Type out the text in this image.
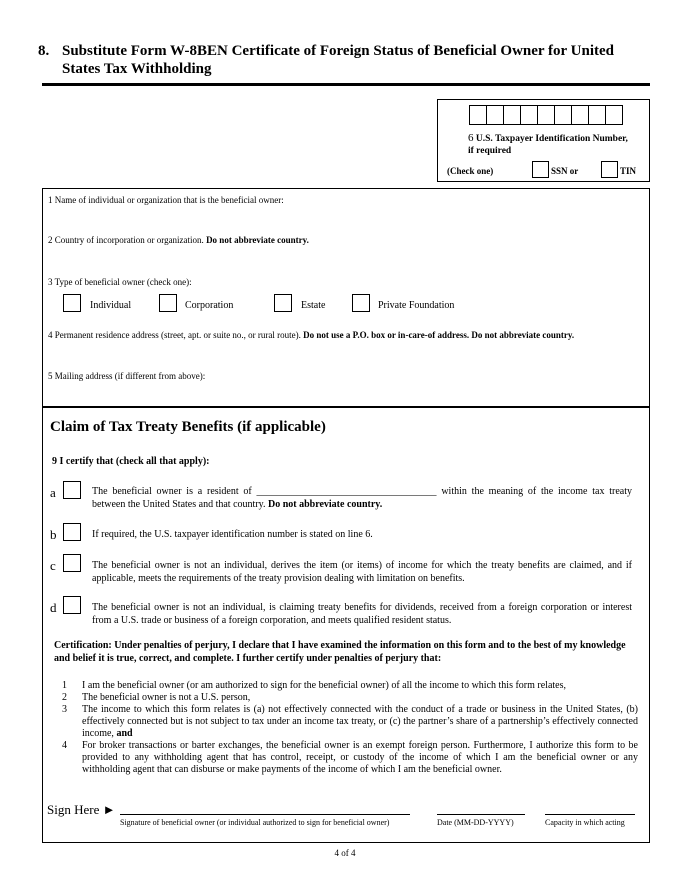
8. Substitute Form W-8BEN Certificate of Foreign Status of Beneficial Owner for United
States Tax Withholding
6 U.S. Taxpayer Identification Number,
if required
(Check one)	SSN or	TIN
1 Name of individual or organization that is the beneficial owner:
2 Country of incorporation or organization. Do not abbreviate country.
3 Type of beneficial owner (check one):
Individual	Corporation	Estate	Private Foundation
4 Permanent residence address (street, apt. or suite no., or rural route). Do not use a P.O. box or in-care-of address. Do not abbreviate country.
5 Mailing address (if different from above):
Claim of Tax Treaty Benefits (if applicable)
9 I certify that (check all that apply):
a	The beneficial owner is a resident of ____________________________________ within the meaning of the income tax treaty between the United States and that country. Do not abbreviate country.
b	If required, the U.S. taxpayer identification number is stated on line 6.
c	The beneficial owner is not an individual, derives the item (or items) of income for which the treaty benefits are claimed, and if applicable, meets the requirements of the treaty provision dealing with limitation on benefits.
d	The beneficial owner is not an individual, is claiming treaty benefits for dividends, received from a foreign corporation or interest from a U.S. trade or business of a foreign corporation, and meets qualified resident status.
Certification: Under penalties of perjury, I declare that I have examined the information on this form and to the best of my knowledge and belief it is true, correct, and complete. I further certify under penalties of perjury that:
1	I am the beneficial owner (or am authorized to sign for the beneficial owner) of all the income to which this form relates,
2	The beneficial owner is not a U.S. person,
3	The income to which this form relates is (a) not effectively connected with the conduct of a trade or business in the United States, (b) effectively connected but is not subject to tax under an income tax treaty, or (c) the partner’s share of a partnership’s effectively connected income, and
4	For broker transactions or barter exchanges, the beneficial owner is an exempt foreign person. Furthermore, I authorize this form to be provided to any withholding agent that has control, receipt, or custody of the income of which I am the beneficial owner or any withholding agent that can disburse or make payments of the income of which I am the beneficial owner.
Sign Here ►
Signature of beneficial owner (or individual authorized to sign for beneficial owner)	Date (MM-DD-YYYY)	Capacity in which acting
4 of 4
